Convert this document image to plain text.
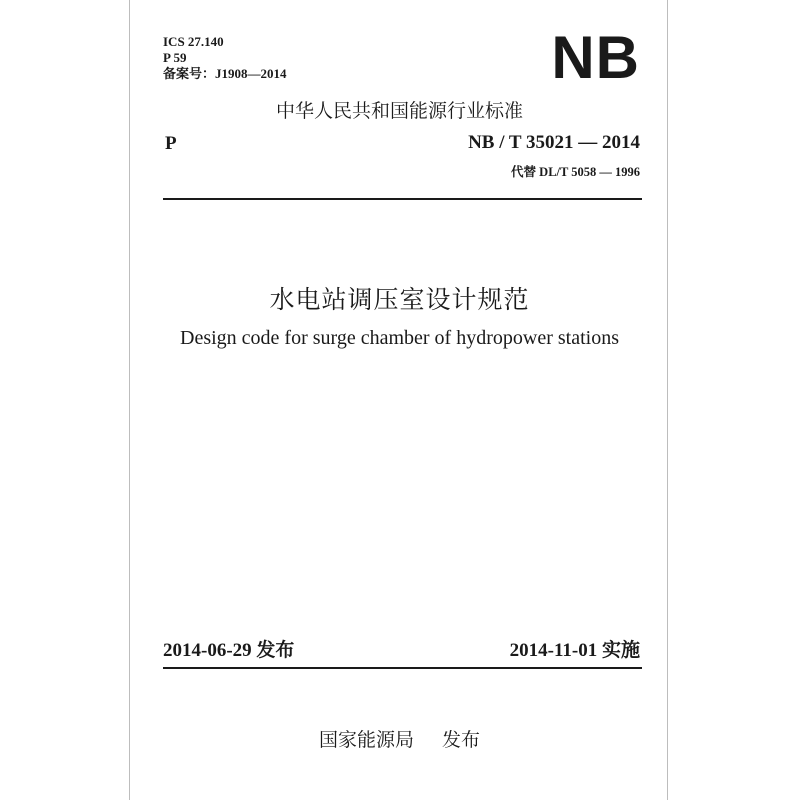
ICS 27.140
P 59
备案号：J1908—2014	NB
中华人民共和国能源行业标准
P	NB / T 35021 — 2014
代替 DL/T 5058 — 1996
水电站调压室设计规范
Design code for surge chamber of hydropower stations
2014-06-29 发布	2014-11-01 实施
国家能源局 发布
